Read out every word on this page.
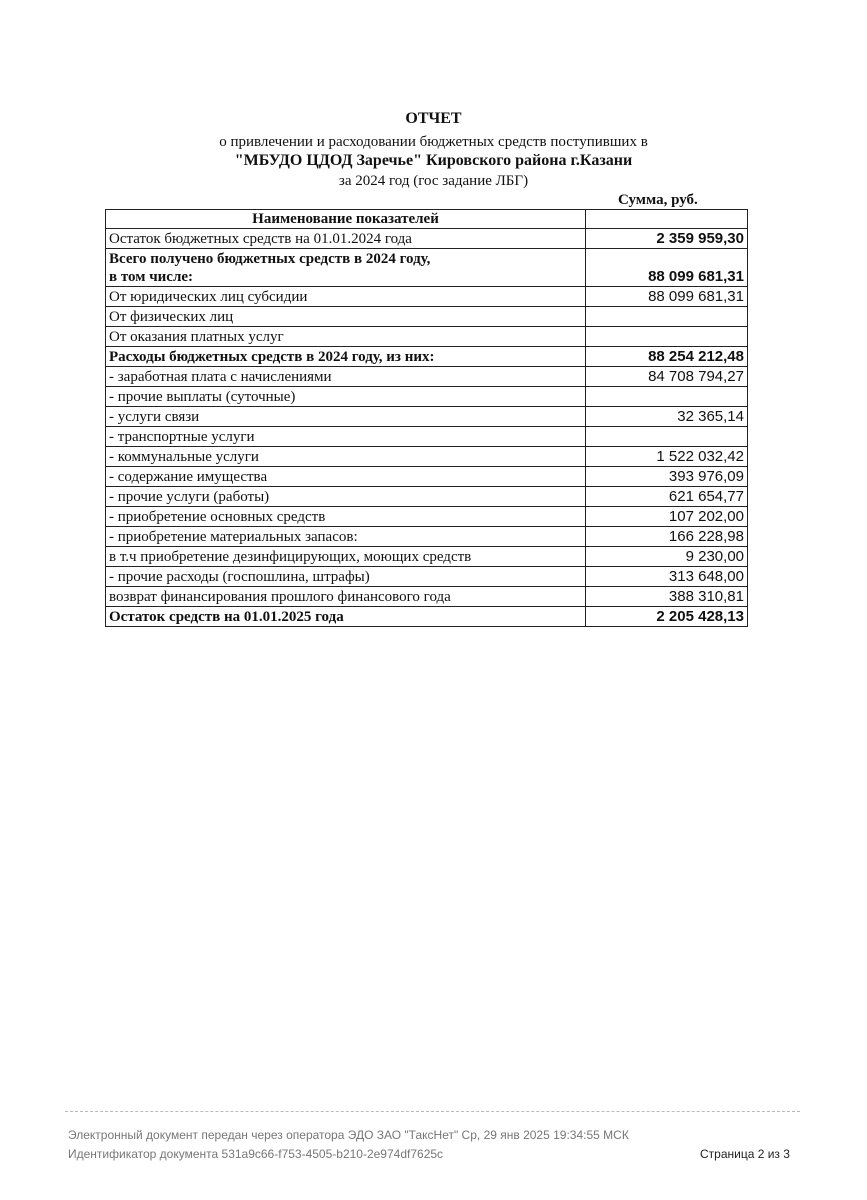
ОТЧЕТ

о привлечении и расходовании бюджетных средств поступивших в

"МБУДО ЦДОД Заречье" Кировского района г.Казани

за 2024 год (гос задание ЛБГ)

Сумма, руб.
Наименование показателей	
Остаток бюджетных средств на 01.01.2024 года	2 359 959,30
Всего получено бюджетных средств в 2024 году,
в том числе:	88 099 681,31
От юридических лиц субсидии	88 099 681,31
От физических лиц	
От оказания платных услуг	
Расходы бюджетных средств в 2024 году, из них:	88 254 212,48
- заработная плата с начислениями	84 708 794,27
- прочие выплаты (суточные)	
- услуги связи	32 365,14
- транспортные услуги	
- коммунальные услуги	1 522 032,42
- содержание имущества	393 976,09
- прочие услуги (работы)	621 654,77
- приобретение основных средств	107 202,00
- приобретение материальных запасов:	166 228,98
в т.ч приобретение дезинфицирующих, моющих средств	9 230,00
- прочие расходы (госпошлина, штрафы)	313 648,00
возврат финансирования прошлого финансового года	388 310,81
Остаток средств на 01.01.2025 года	2 205 428,13
Электронный документ передан через оператора ЭДО ЗАО "ТаксНет" Ср, 29 янв 2025 19:34:55 МСК
Идентификатор документа 531a9c66-f753-4505-b210-2e974df7625c	Страница 2 из 3
